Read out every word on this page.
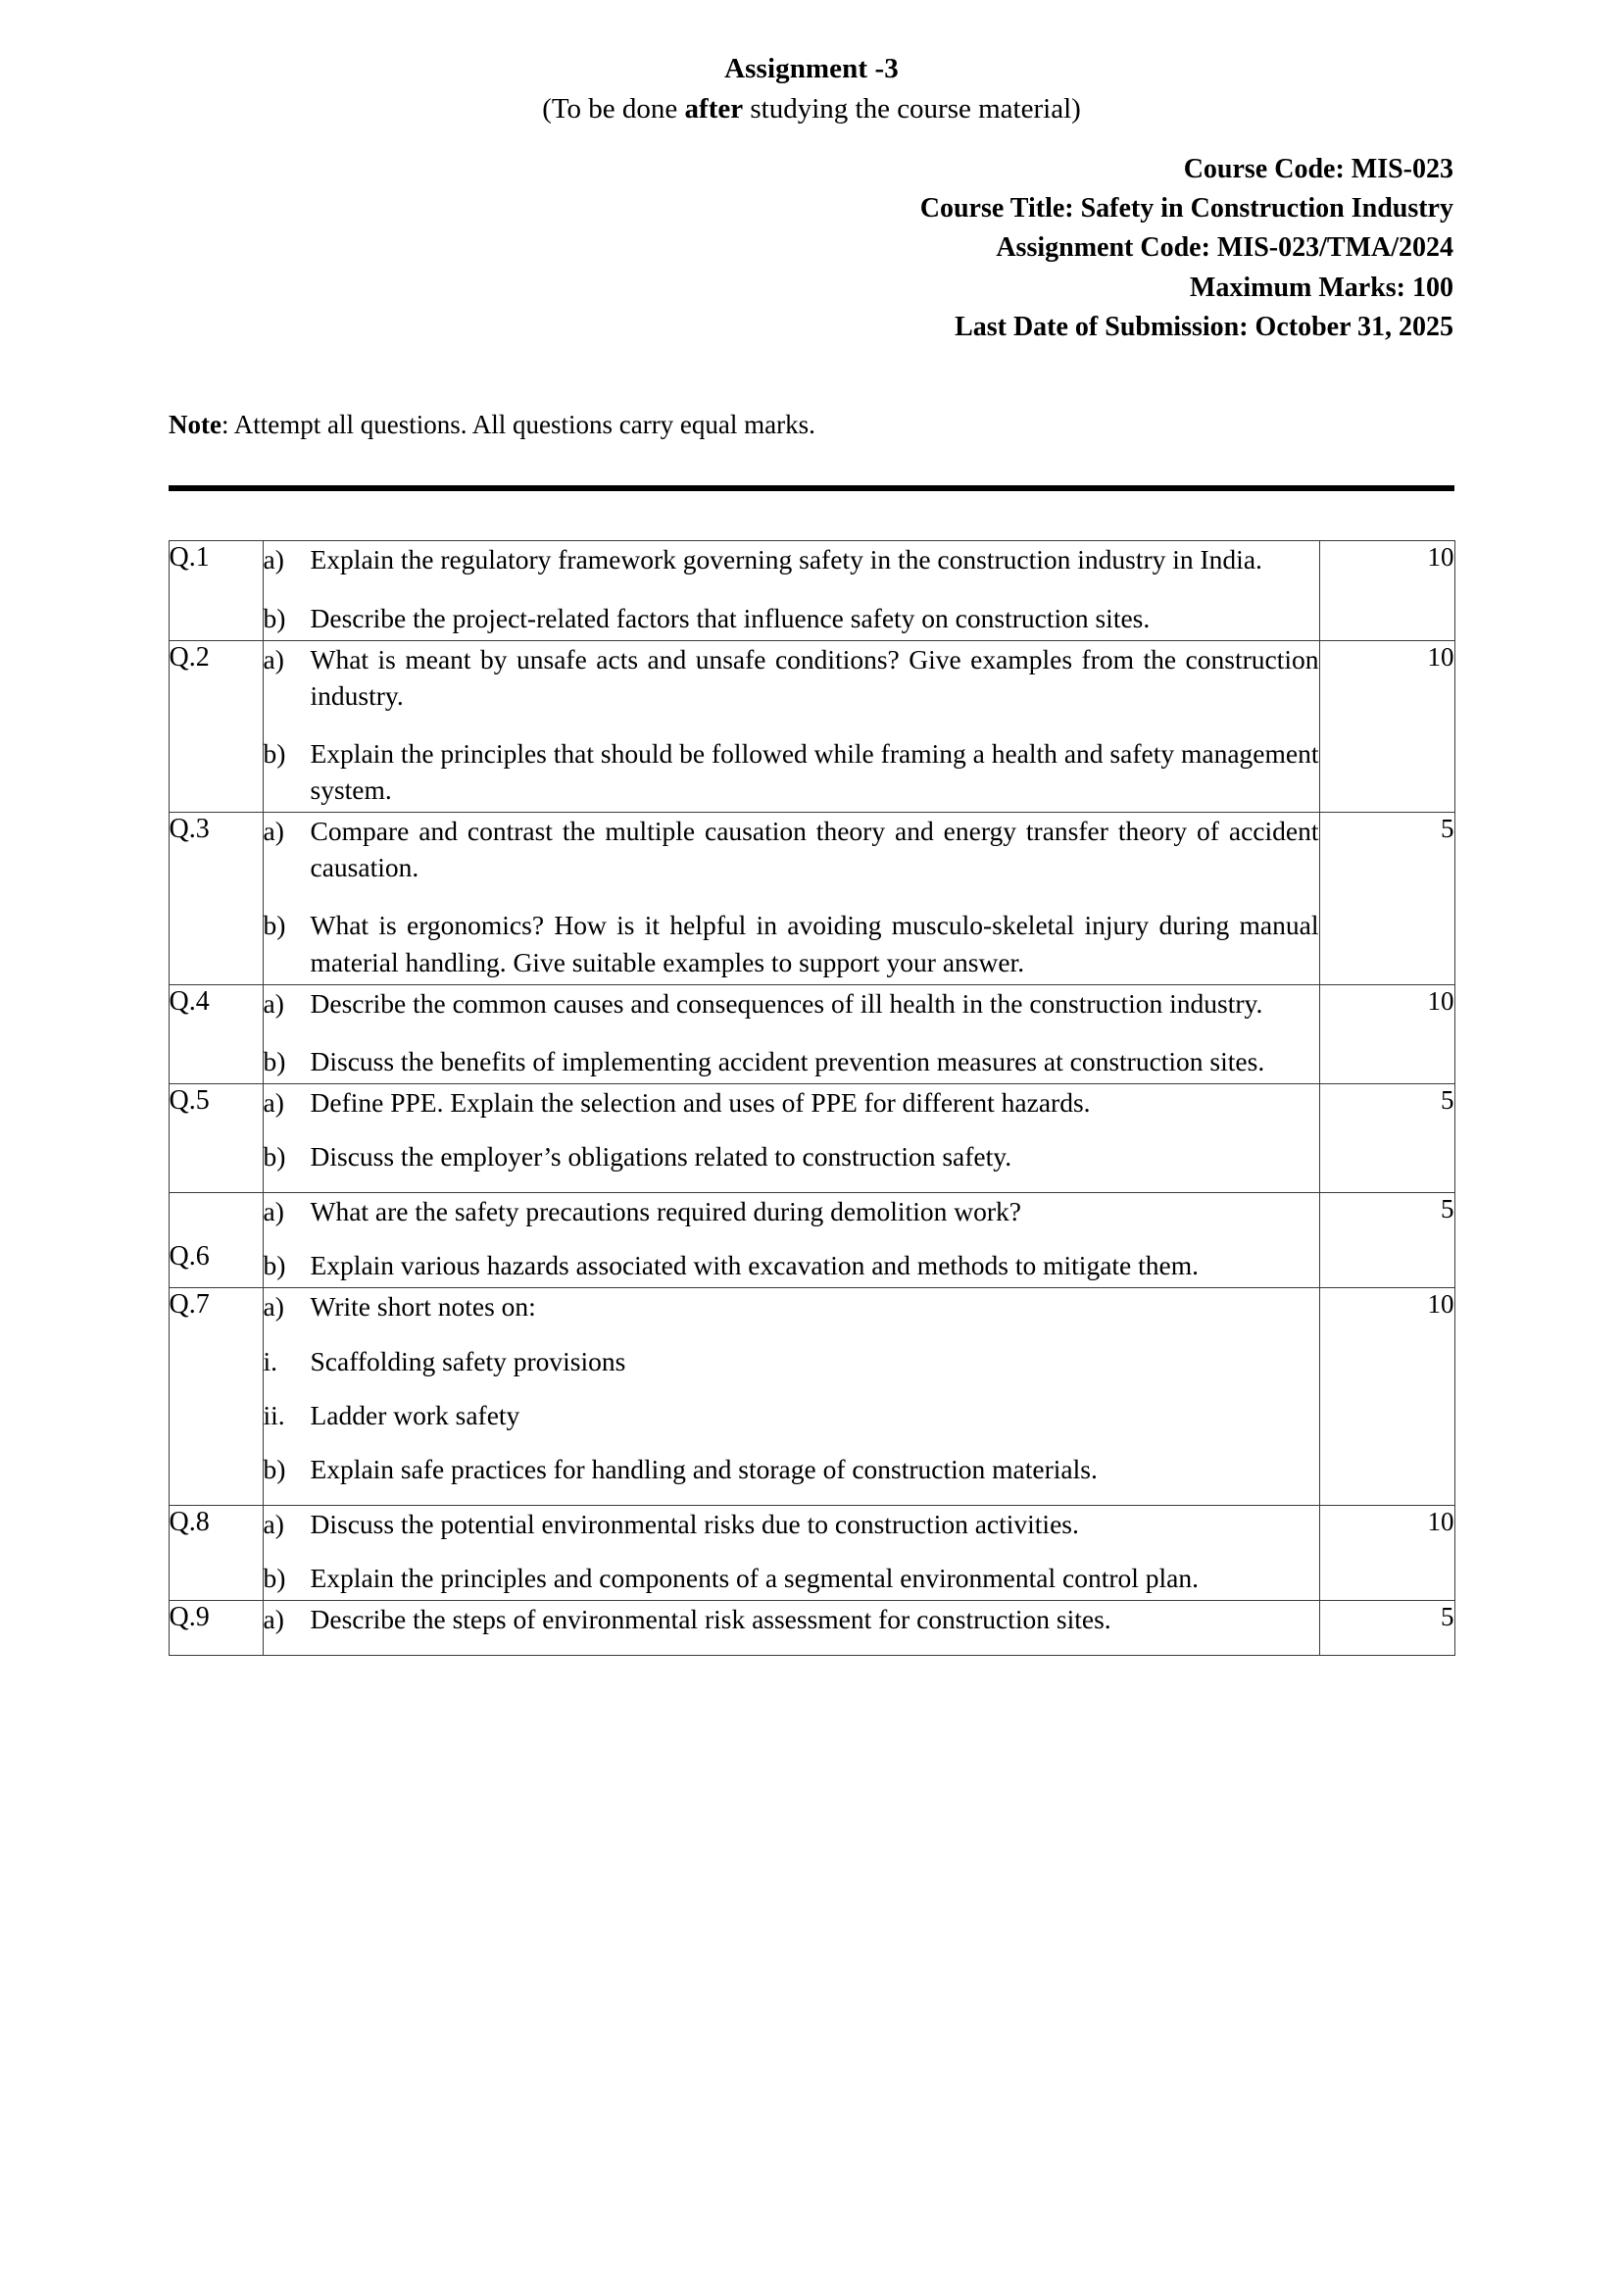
Assignment -3
(To be done after studying the course material)
Course Code: MIS-023
Course Title: Safety in Construction Industry
Assignment Code: MIS-023/TMA/2024
Maximum Marks: 100
Last Date of Submission: October 31, 2025
Note: Attempt all questions. All questions carry equal marks.
Q.1	a) Explain the regulatory framework governing safety in the construction industry in India.
b) Describe the project-related factors that influence safety on construction sites.	10
Q.2	a) What is meant by unsafe acts and unsafe conditions? Give examples from the construction industry.
b) Explain the principles that should be followed while framing a health and safety management system.	10
Q.3	a) Compare and contrast the multiple causation theory and energy transfer theory of accident causation.
b) What is ergonomics? How is it helpful in avoiding musculo-skeletal injury during manual material handling. Give suitable examples to support your answer.	5
Q.4	a) Describe the common causes and consequences of ill health in the construction industry.
b) Discuss the benefits of implementing accident prevention measures at construction sites.	10
Q.5	a) Define PPE. Explain the selection and uses of PPE for different hazards.
b) Discuss the employer’s obligations related to construction safety.	5
Q.6	a) What are the safety precautions required during demolition work?
b) Explain various hazards associated with excavation and methods to mitigate them.	5
Q.7	a) Write short notes on:
i.	Scaffolding safety provisions
ii. Ladder work safety
b) Explain safe practices for handling and storage of construction materials.
	10
Q.8	a) Discuss the potential environmental risks due to construction activities.
b) Explain the principles and components of a segmental environmental control plan.	10
Q.9	a) Describe the steps of environmental risk assessment for construction sites.	5
